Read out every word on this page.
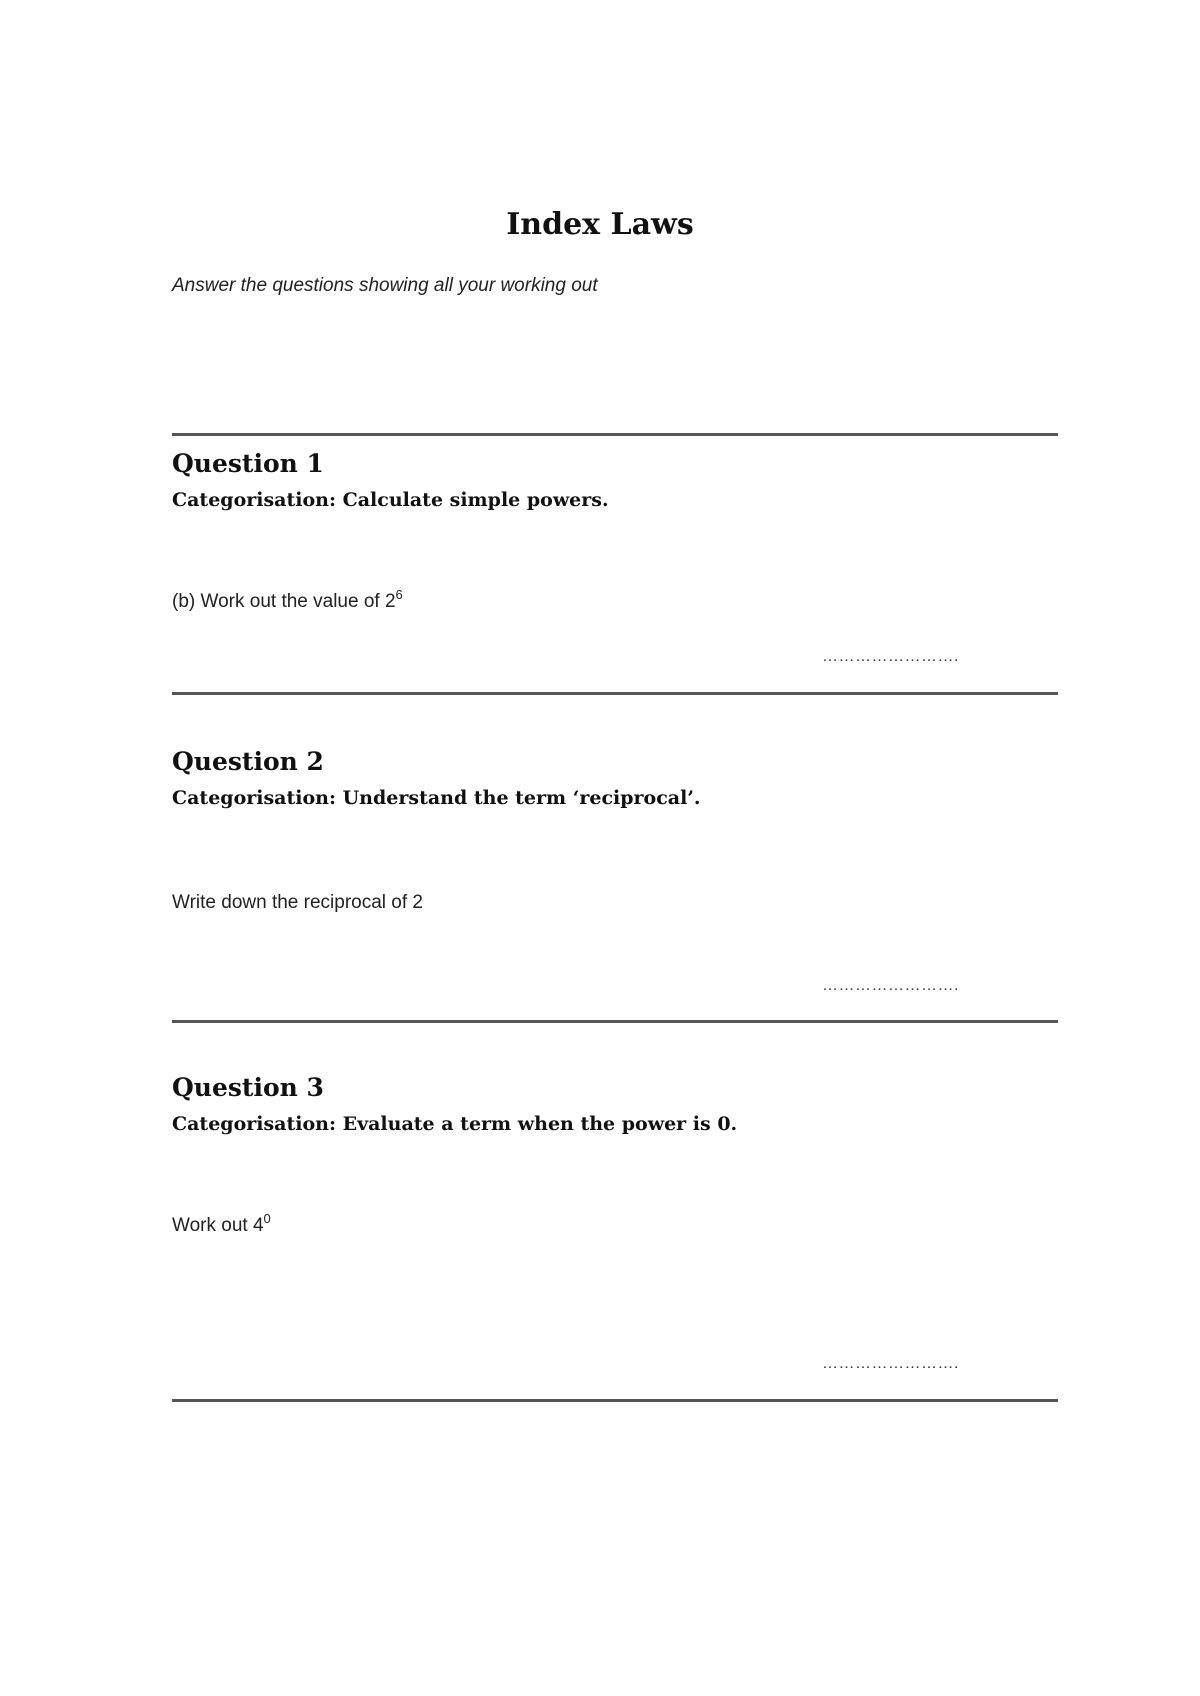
Index Laws
Answer the questions showing all your working out
Question 1
Categorisation: Calculate simple powers.
(b) Work out the value of $2^6$
…………………….
Question 2
Categorisation: Understand the term ‘reciprocal’.
Write down the reciprocal of 2
…………………….
Question 3
Categorisation: Evaluate a term when the power is 0.
Work out $4^0$
…………………….
